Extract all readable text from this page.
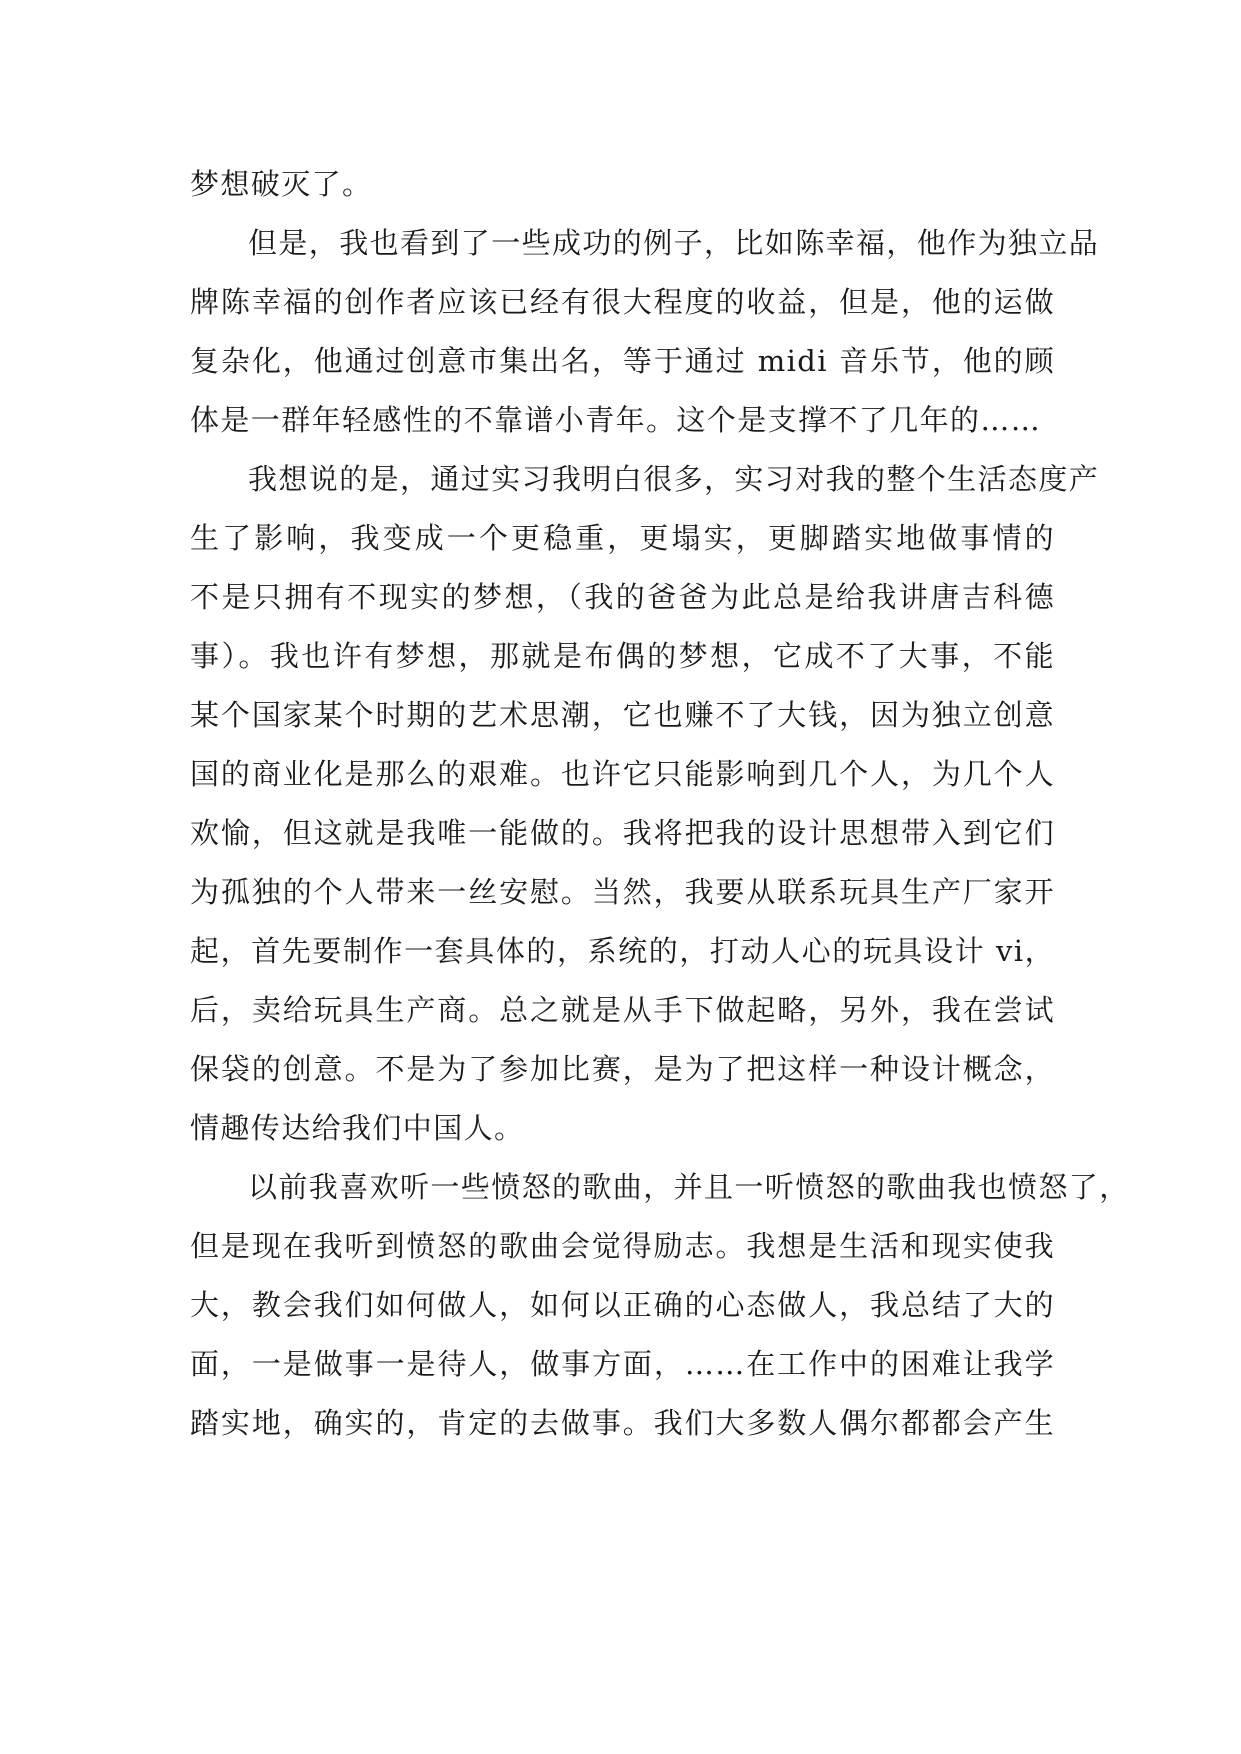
梦想破灭了。
但是，我也看到了一些成功的例子，比如陈幸福，他作为独立品
牌陈幸福的创作者应该已经有很大程度的收益，但是，他的运做
复杂化，他通过创意市集出名，等于通过 midi 音乐节，他的顾
体是一群年轻感性的不靠谱小青年。这个是支撑不了几年的……
我想说的是，通过实习我明白很多，实习对我的整个生活态度产
生了影响，我变成一个更稳重，更塌实，更脚踏实地做事情的
不是只拥有不现实的梦想，（我的爸爸为此总是给我讲唐吉科德
事）。我也许有梦想，那就是布偶的梦想，它成不了大事，不能
某个国家某个时期的艺术思潮，它也赚不了大钱，因为独立创意
国的商业化是那么的艰难。也许它只能影响到几个人，为几个人
欢愉，但这就是我唯一能做的。我将把我的设计思想带入到它们
为孤独的个人带来一丝安慰。当然，我要从联系玩具生产厂家开
起，首先要制作一套具体的，系统的，打动人心的玩具设计 vi，
后，卖给玩具生产商。总之就是从手下做起略，另外，我在尝试
保袋的创意。不是为了参加比赛，是为了把这样一种设计概念，
情趣传达给我们中国人。
以前我喜欢听一些愤怒的歌曲，并且一听愤怒的歌曲我也愤怒了，
但是现在我听到愤怒的歌曲会觉得励志。我想是生活和现实使我
大，教会我们如何做人，如何以正确的心态做人，我总结了大的
面，一是做事一是待人，做事方面，……在工作中的困难让我学
踏实地，确实的，肯定的去做事。我们大多数人偶尔都都会产生
